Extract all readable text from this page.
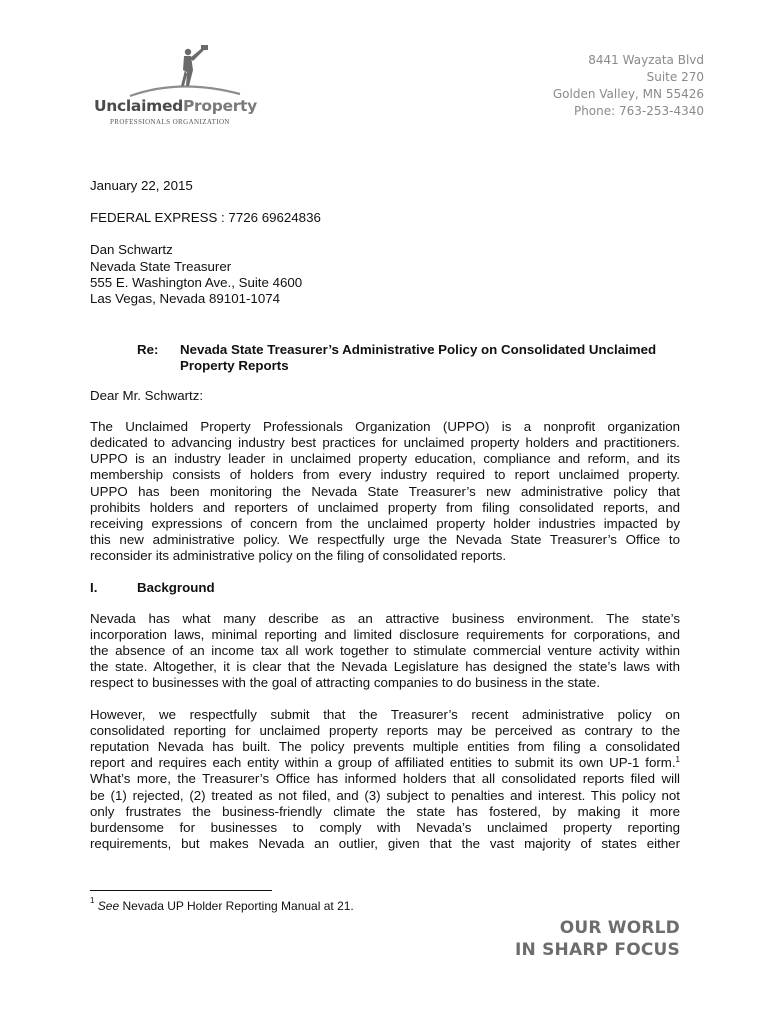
UnclaimedProperty
PROFESSIONALS ORGANIZATION
8441 Wayzata Blvd
Suite 270
Golden Valley, MN 55426
Phone: 763-253-4340
January 22, 2015
FEDERAL EXPRESS : 7726 69624836
Dan Schwartz
Nevada State Treasurer
555 E. Washington Ave., Suite 4600
Las Vegas, Nevada 89101-1074
Re:	Nevada State Treasurer’s Administrative Policy on Consolidated Unclaimed
Property Reports
Dear Mr. Schwartz:
The Unclaimed Property Professionals Organization (UPPO) is a nonprofit organization
dedicated to advancing industry best practices for unclaimed property holders and practitioners.
UPPO is an industry leader in unclaimed property education, compliance and reform, and its
membership consists of holders from every industry required to report unclaimed property.
UPPO has been monitoring the Nevada State Treasurer’s new administrative policy that
prohibits holders and reporters of unclaimed property from filing consolidated reports, and
receiving expressions of concern from the unclaimed property holder industries impacted by
this new administrative policy. We respectfully urge the Nevada State Treasurer’s Office to
reconsider its administrative policy on the filing of consolidated reports.
I.	Background
Nevada has what many describe as an attractive business environment. The state’s
incorporation laws, minimal reporting and limited disclosure requirements for corporations, and
the absence of an income tax all work together to stimulate commercial venture activity within
the state. Altogether, it is clear that the Nevada Legislature has designed the state’s laws with
respect to businesses with the goal of attracting companies to do business in the state.
However, we respectfully submit that the Treasurer’s recent administrative policy on
consolidated reporting for unclaimed property reports may be perceived as contrary to the
reputation Nevada has built. The policy prevents multiple entities from filing a consolidated
report and requires each entity within a group of affiliated entities to submit its own UP-1 form.$^1$
What’s more, the Treasurer’s Office has informed holders that all consolidated reports filed will
be (1) rejected, (2) treated as not filed, and (3) subject to penalties and interest. This policy not
only frustrates the business-friendly climate the state has fostered, by making it more
burdensome for businesses to comply with Nevada’s unclaimed property reporting
requirements, but makes Nevada an outlier, given that the vast majority of states either
$^1$ See Nevada UP Holder Reporting Manual at 21.
OUR WORLD
IN SHARP FOCUS
